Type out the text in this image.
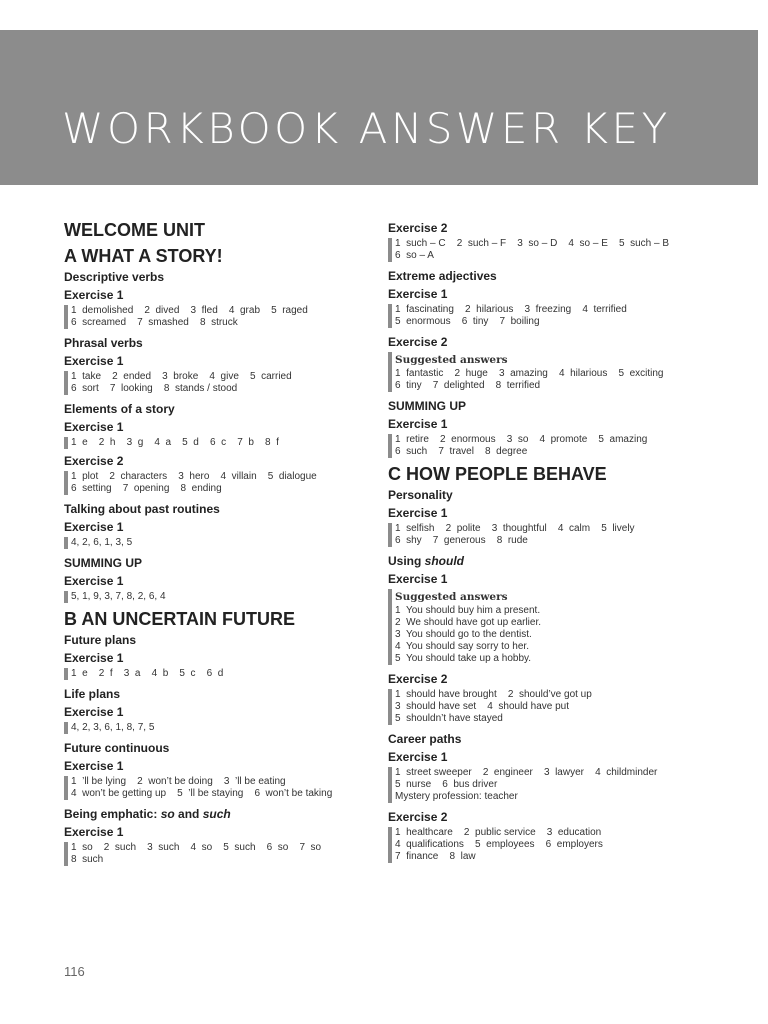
WORKBOOK ANSWER KEY
WELCOME UNIT
A WHAT A STORY!
Descriptive verbs
Exercise 1
1  demolished    2  dived    3  fled    4  grab    5  raged
6  screamed    7  smashed    8  struck
Phrasal verbs
Exercise 1
1  take    2  ended    3  broke    4  give    5  carried
6  sort    7  looking    8  stands / stood
Elements of a story
Exercise 1
1  e    2  h    3  g    4  a    5  d    6  c    7  b    8  f
Exercise 2
1  plot    2  characters    3  hero    4  villain    5  dialogue
6  setting    7  opening    8  ending
Talking about past routines
Exercise 1
4, 2, 6, 1, 3, 5
SUMMING UP
Exercise 1
5, 1, 9, 3, 7, 8, 2, 6, 4
B AN UNCERTAIN FUTURE
Future plans
Exercise 1
1  e    2  f    3  a    4  b    5  c    6  d
Life plans
Exercise 1
4, 2, 3, 6, 1, 8, 7, 5
Future continuous
Exercise 1
1  ’ll be lying    2  won’t be doing    3  ’ll be eating
4  won’t be getting up    5  ’ll be staying    6  won’t be taking
Being emphatic: so and such
Exercise 1
1  so    2  such    3  such    4  so    5  such    6  so    7  so
8  such
Exercise 2
1  such – C    2  such – F    3  so – D    4  so – E    5  such – B
6  so – A
Extreme adjectives
Exercise 1
1  fascinating    2  hilarious    3  freezing    4  terrified
5  enormous    6  tiny    7  boiling
Exercise 2
Suggested answers
1  fantastic    2  huge    3  amazing    4  hilarious    5  exciting
6  tiny    7  delighted    8  terrified
SUMMING UP
Exercise 1
1  retire    2  enormous    3  so    4  promote    5  amazing
6  such    7  travel    8  degree
C HOW PEOPLE BEHAVE
Personality
Exercise 1
1  selfish    2  polite    3  thoughtful    4  calm    5  lively
6  shy    7  generous    8  rude
Using should
Exercise 1
Suggested answers
1  You should buy him a present.
2  We should have got up earlier.
3  You should go to the dentist.
4  You should say sorry to her.
5  You should take up a hobby.
Exercise 2
1  should have brought    2  should’ve got up
3  should have set    4  should have put
5  shouldn’t have stayed
Career paths
Exercise 1
1  street sweeper    2  engineer    3  lawyer    4  childminder
5  nurse    6  bus driver
Mystery profession: teacher
Exercise 2
1  healthcare    2  public service    3  education
4  qualifications    5  employees    6  employers
7  finance    8  law
116
